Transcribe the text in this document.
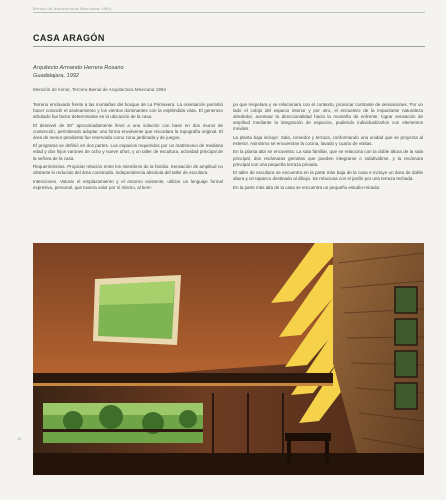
Bienal de Arquitectura Mexicana 1994
CASA ARAGÓN
Arquitecto Armando Herrera Rosano
Guadalajara, 1992
Mención de honor, Tercera Bienal de Arquitectura Mexicana 1994

Terreno enclavado frente a las montañas del bosque de La Primavera. La orientación permitió hacer coincidir el asoleamiento y los vientos dominantes con la espléndida vista. El generoso arbolado fue factor determinante en la ubicación de la casa.

El desnivel de 30° aproximadamente llevó a una solución con base en dos muros de contención, permitiendo adoptar una forma envolvente que recordara la topografía original. El área de menor pendiente fue reservada como zona jardinada y de juegos.

El programa se definió en dos partes. Los espacios requeridos por un matrimonio de mediana edad y dos hijos varones de ocho y nueve años, y un taller de escultura, actividad principal de la señora de la casa.

Requerimientos. Propiciar relación entre los miembros de la familia. Sensación de amplitud no obstante lo reducido del área construida. Independencia absoluta del taller de escultura.

Intenciones. Valorar el emplazamiento y el entorno existente, utilizar un lenguaje formal expresivo, personal, que tuviera valor por sí mismo, al tiem-

po que respetara y se relacionara con el contexto, provocar contraste de sensaciones. Por un lado el cobijo del espacio interior y por otro, el encuentro de la impactante naturaleza alrededor, acentuar la direccionalidad hacia la montaña de enfrente, lograr sensación de amplitud mediante la integración de espacios, pudiendo individualizarlos con elementos móviles.

La planta baja incluye: Sala, comedor y terraza, conformando una unidad que se proyecta al exterior. Asimismo se encuentran la cocina, lavado y cuarto de visitas.

En la planta alta se encuentra: La sala familiar, que se relaciona con la doble altura de la sala principal, dos recámaras gemelas que pueden integrarse o subdividirse, y la recámara principal con una pequeña terraza privada.

El taller de escultura se encuentra en la parte más baja de la casa e incluye un área de doble altura y un tapanco destinado al dibujo. Se relaciona con el jardín por una terraza techada.

En la parte más alta de la casa se encuentra un pequeño estudio-mirador.

19
